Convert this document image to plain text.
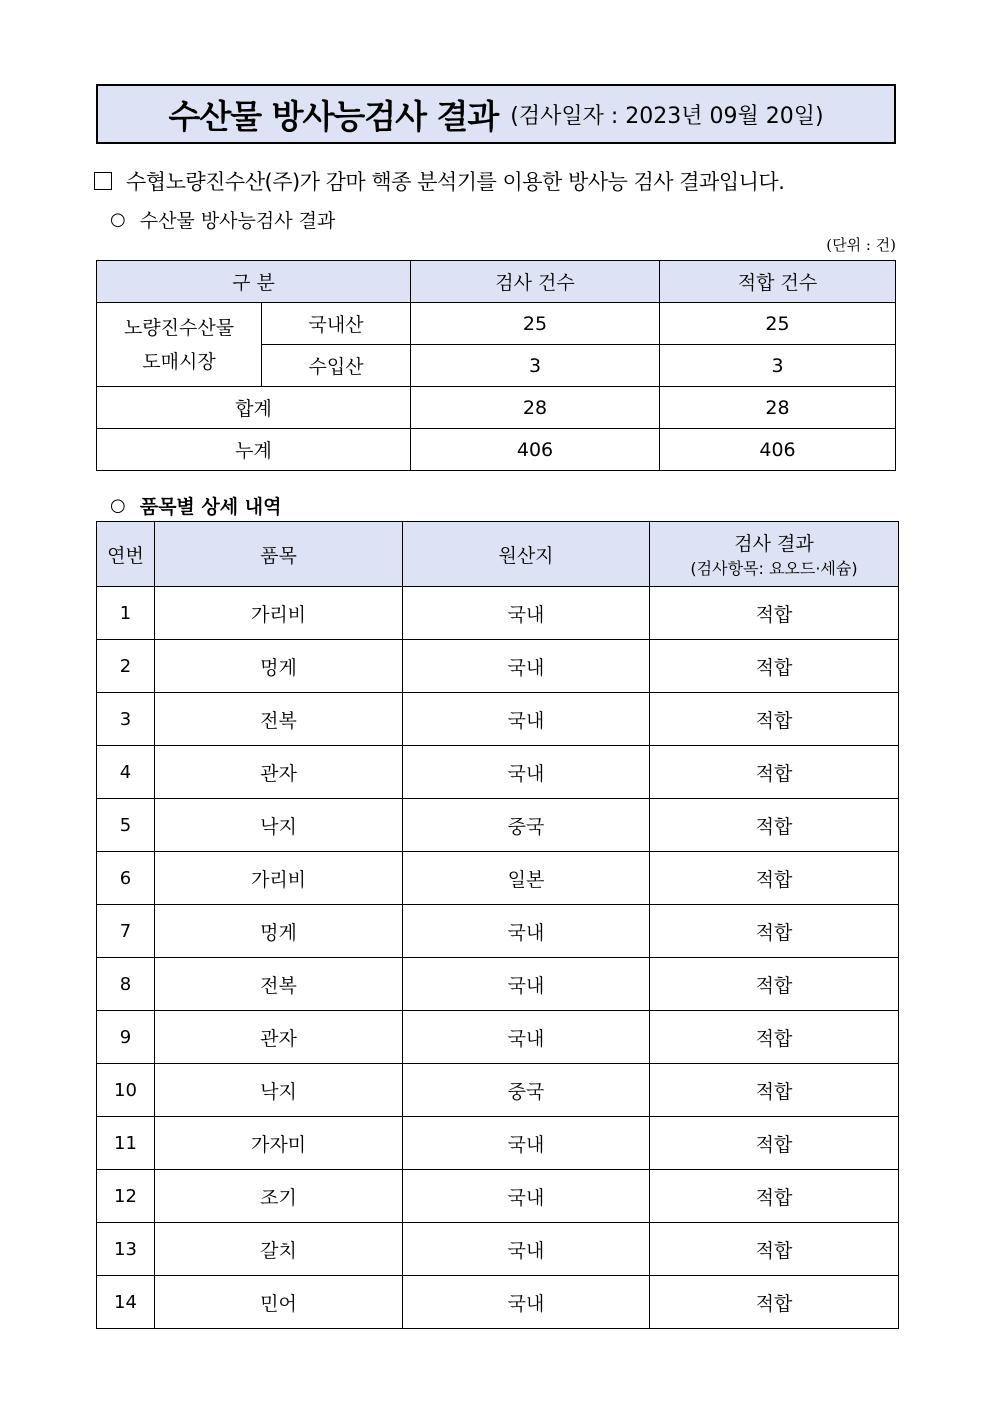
수산물 방사능검사 결과 (검사일자 : 2023년 09월 20일)
수협노량진수산(주)가 감마 핵종 분석기를 이용한 방사능 검사 결과입니다.
○ 수산물 방사능검사 결과
(단위 : 건)
구 분		검사 건수	적합 건수
노량진수산물
도매시장	국내산	25	25
	수입산	3	3
합계		28	28
누계		406	406
○ 품목별 상세 내역
연번	품목	원산지	검사 결과
(검사항목: 요오드·세슘)

1	가리비	국내	적합
2	멍게	국내	적합
3	전복	국내	적합
4	관자	국내	적합
5	낙지	중국	적합
6	가리비	일본	적합
7	멍게	국내	적합
8	전복	국내	적합
9	관자	국내	적합
10	낙지	중국	적합
11	가자미	국내	적합
12	조기	국내	적합
13	갈치	국내	적합
14	민어	국내	적합
